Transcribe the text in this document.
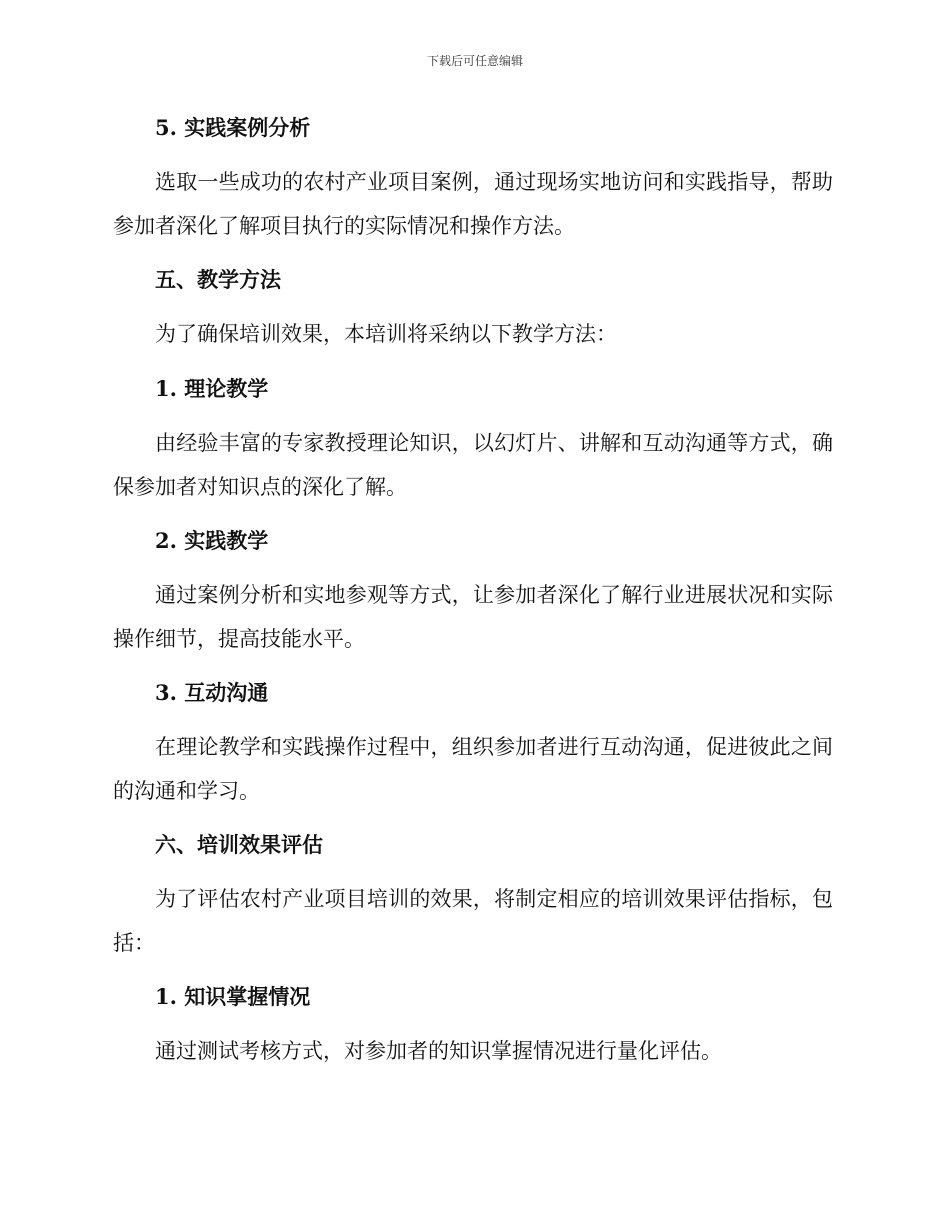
下载后可任意编辑
5. 实践案例分析
选取一些成功的农村产业项目案例，通过现场实地访问和实践指导，帮助参加者深化了解项目执行的实际情况和操作方法。
五、教学方法
为了确保培训效果，本培训将采纳以下教学方法：
1. 理论教学
由经验丰富的专家教授理论知识，以幻灯片、讲解和互动沟通等方式，确保参加者对知识点的深化了解。
2. 实践教学
通过案例分析和实地参观等方式，让参加者深化了解行业进展状况和实际操作细节，提高技能水平。
3. 互动沟通
在理论教学和实践操作过程中，组织参加者进行互动沟通，促进彼此之间的沟通和学习。
六、培训效果评估
为了评估农村产业项目培训的效果，将制定相应的培训效果评估指标，包括：
1. 知识掌握情况
通过测试考核方式，对参加者的知识掌握情况进行量化评估。
